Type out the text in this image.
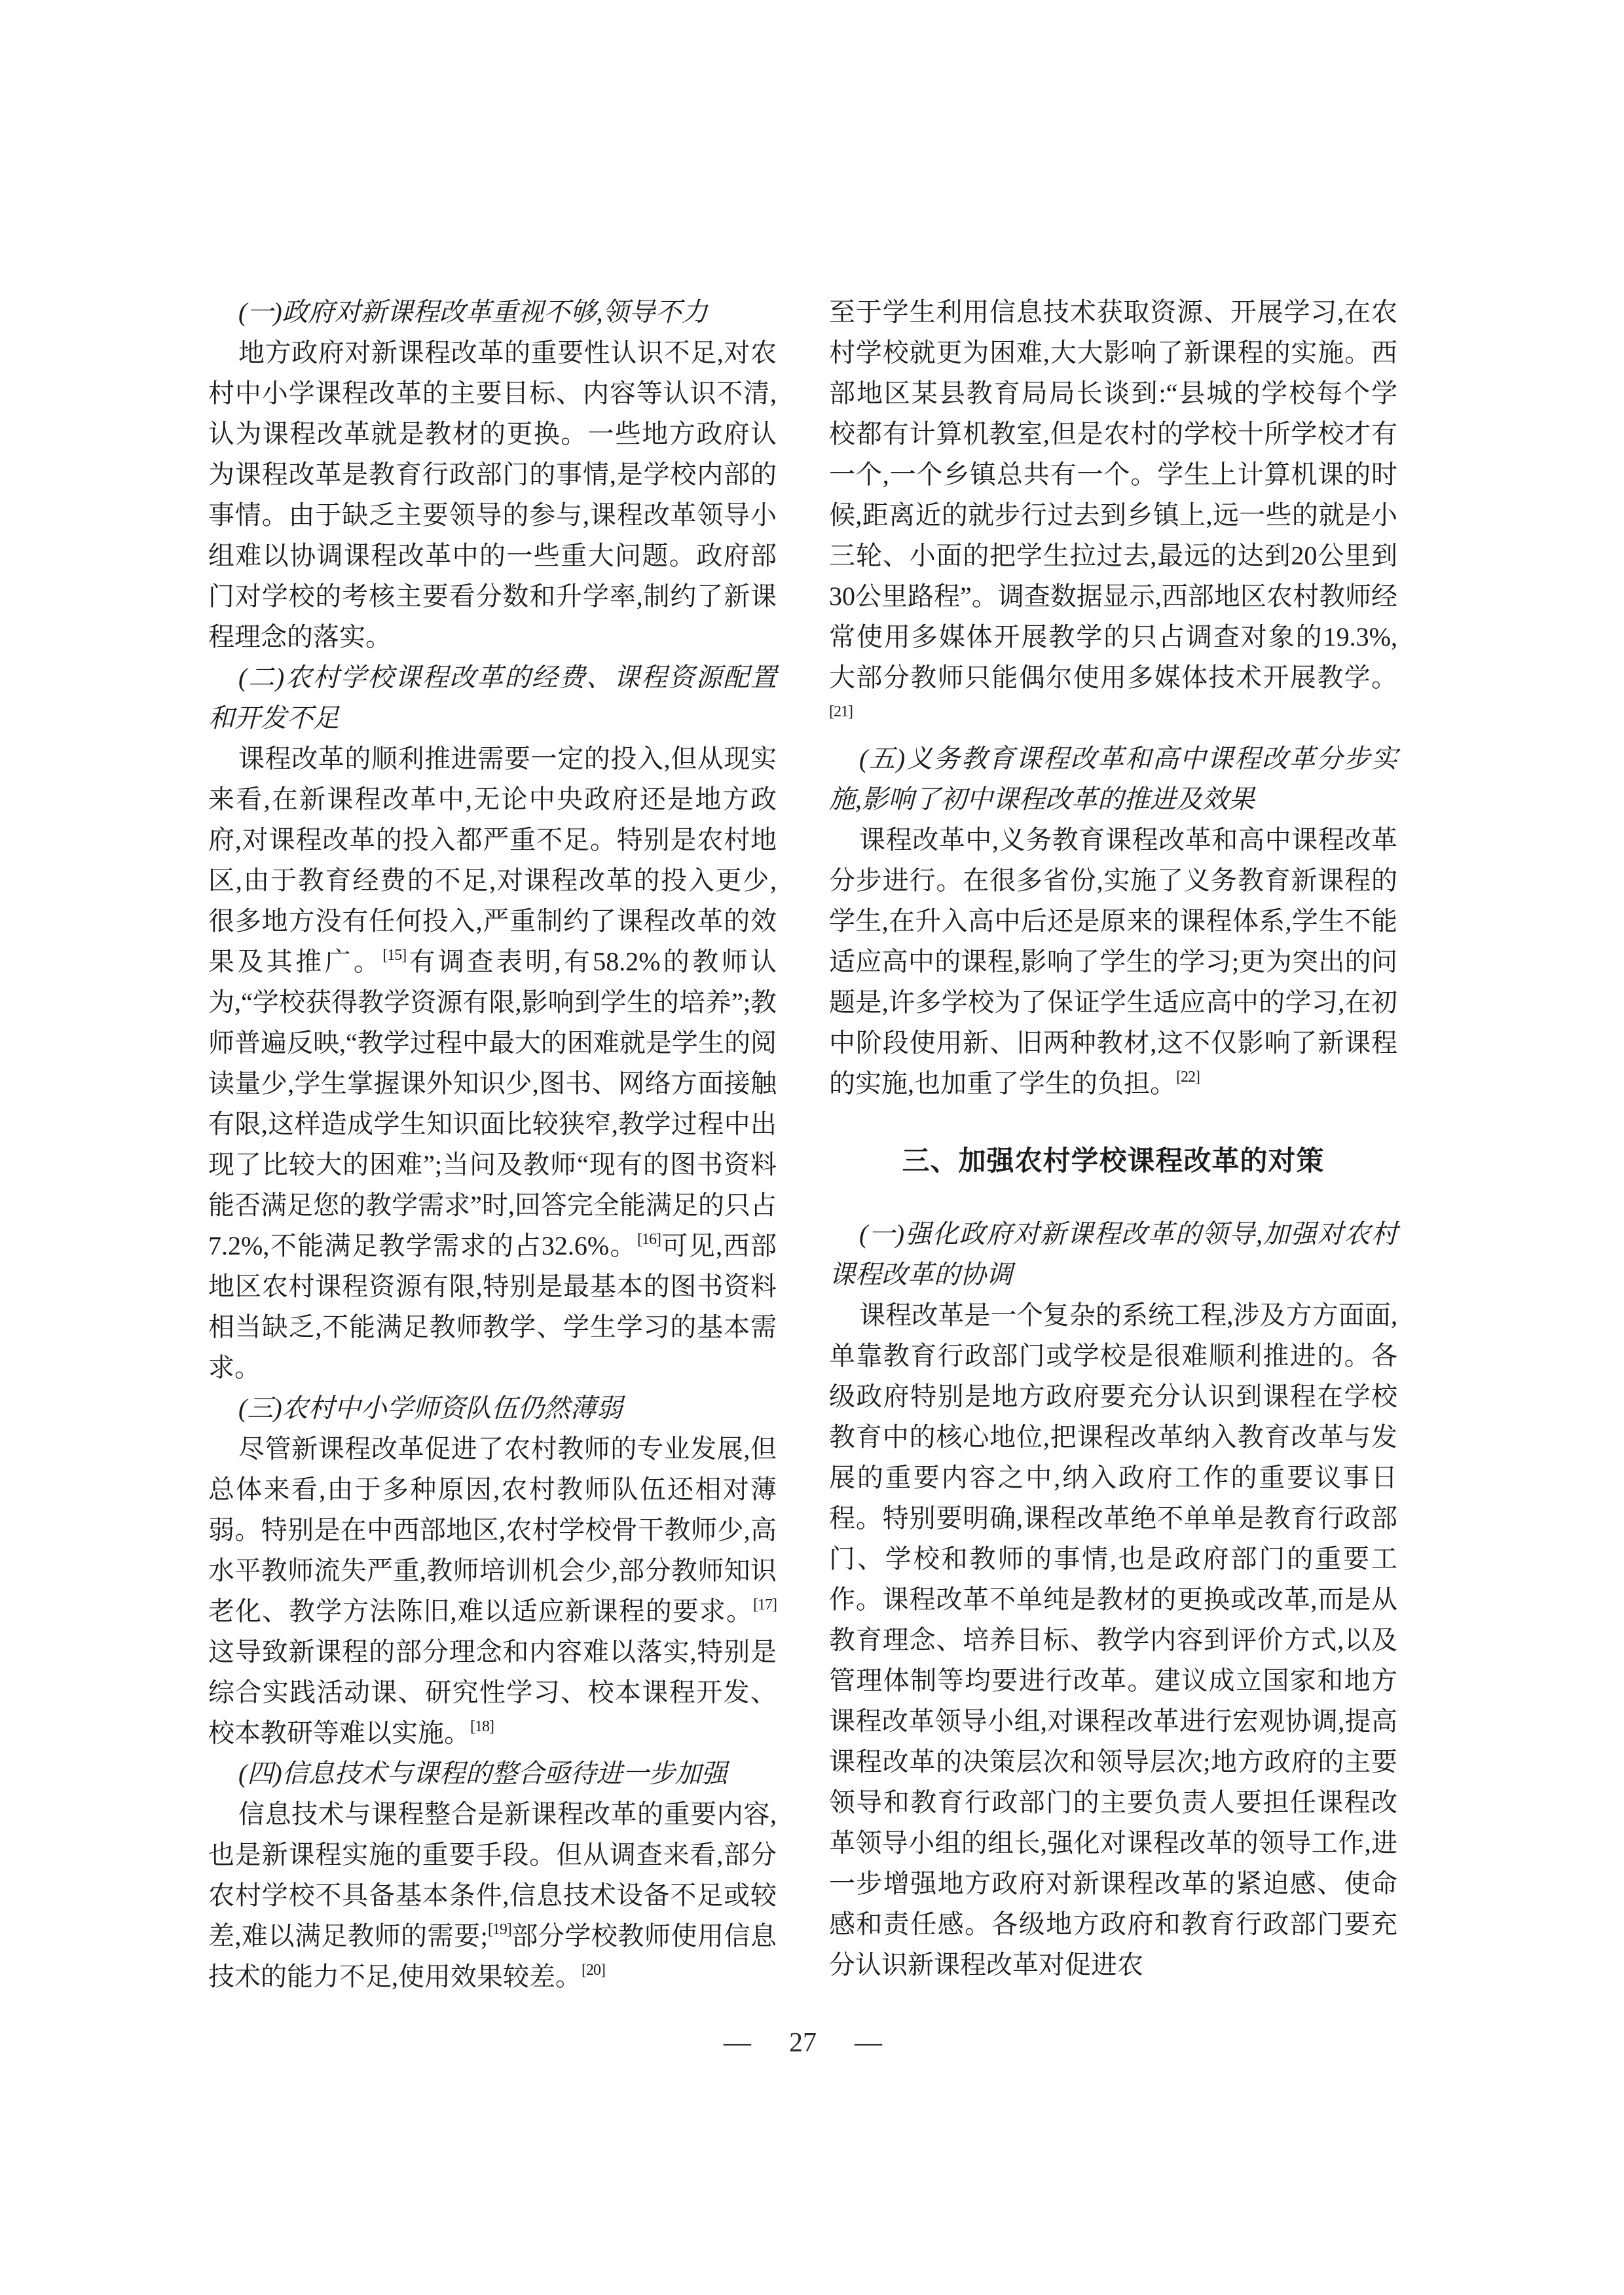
(一)政府对新课程改革重视不够,领导不力

地方政府对新课程改革的重要性认识不足,对农村中小学课程改革的主要目标、内容等认识不清,认为课程改革就是教材的更换。一些地方政府认为课程改革是教育行政部门的事情,是学校内部的事情。由于缺乏主要领导的参与,课程改革领导小组难以协调课程改革中的一些重大问题。政府部门对学校的考核主要看分数和升学率,制约了新课程理念的落实。

(二)农村学校课程改革的经费、课程资源配置和开发不足

课程改革的顺利推进需要一定的投入,但从现实来看,在新课程改革中,无论中央政府还是地方政府,对课程改革的投入都严重不足。特别是农村地区,由于教育经费的不足,对课程改革的投入更少,很多地方没有任何投入,严重制约了课程改革的效果及其推广。[15]有调查表明,有58.2%的教师认为,“学校获得教学资源有限,影响到学生的培养”;教师普遍反映,“教学过程中最大的困难就是学生的阅读量少,学生掌握课外知识少,图书、网络方面接触有限,这样造成学生知识面比较狭窄,教学过程中出现了比较大的困难”;当问及教师“现有的图书资料能否满足您的教学需求”时,回答完全能满足的只占7.2%,不能满足教学需求的占32.6%。[16]可见,西部地区农村课程资源有限,特别是最基本的图书资料相当缺乏,不能满足教师教学、学生学习的基本需求。

(三)农村中小学师资队伍仍然薄弱

尽管新课程改革促进了农村教师的专业发展,但总体来看,由于多种原因,农村教师队伍还相对薄弱。特别是在中西部地区,农村学校骨干教师少,高水平教师流失严重,教师培训机会少,部分教师知识老化、教学方法陈旧,难以适应新课程的要求。[17]这导致新课程的部分理念和内容难以落实,特别是综合实践活动课、研究性学习、校本课程开发、校本教研等难以实施。[18]

(四)信息技术与课程的整合亟待进一步加强

信息技术与课程整合是新课程改革的重要内容,也是新课程实施的重要手段。但从调查来看,部分农村学校不具备基本条件,信息技术设备不足或较差,难以满足教师的需要;[19]部分学校教师使用信息技术的能力不足,使用效果较差。[20]

至于学生利用信息技术获取资源、开展学习,在农村学校就更为困难,大大影响了新课程的实施。西部地区某县教育局局长谈到:“县城的学校每个学校都有计算机教室,但是农村的学校十所学校才有一个,一个乡镇总共有一个。学生上计算机课的时候,距离近的就步行过去到乡镇上,远一些的就是小三轮、小面的把学生拉过去,最远的达到20公里到30公里路程”。调查数据显示,西部地区农村教师经常使用多媒体开展教学的只占调查对象的19.3%,大部分教师只能偶尔使用多媒体技术开展教学。[21]

(五)义务教育课程改革和高中课程改革分步实施,影响了初中课程改革的推进及效果

课程改革中,义务教育课程改革和高中课程改革分步进行。在很多省份,实施了义务教育新课程的学生,在升入高中后还是原来的课程体系,学生不能适应高中的课程,影响了学生的学习;更为突出的问题是,许多学校为了保证学生适应高中的学习,在初中阶段使用新、旧两种教材,这不仅影响了新课程的实施,也加重了学生的负担。[22]

三、加强农村学校课程改革的对策

(一)强化政府对新课程改革的领导,加强对农村课程改革的协调

课程改革是一个复杂的系统工程,涉及方方面面,单靠教育行政部门或学校是很难顺利推进的。各级政府特别是地方政府要充分认识到课程在学校教育中的核心地位,把课程改革纳入教育改革与发展的重要内容之中,纳入政府工作的重要议事日程。特别要明确,课程改革绝不单单是教育行政部门、学校和教师的事情,也是政府部门的重要工作。课程改革不单纯是教材的更换或改革,而是从教育理念、培养目标、教学内容到评价方式,以及管理体制等均要进行改革。建议成立国家和地方课程改革领导小组,对课程改革进行宏观协调,提高课程改革的决策层次和领导层次;地方政府的主要领导和教育行政部门的主要负责人要担任课程改革领导小组的组长,强化对课程改革的领导工作,进一步增强地方政府对新课程改革的紧迫感、使命感和责任感。各级地方政府和教育行政部门要充分认识新课程改革对促进农

— 27 —
